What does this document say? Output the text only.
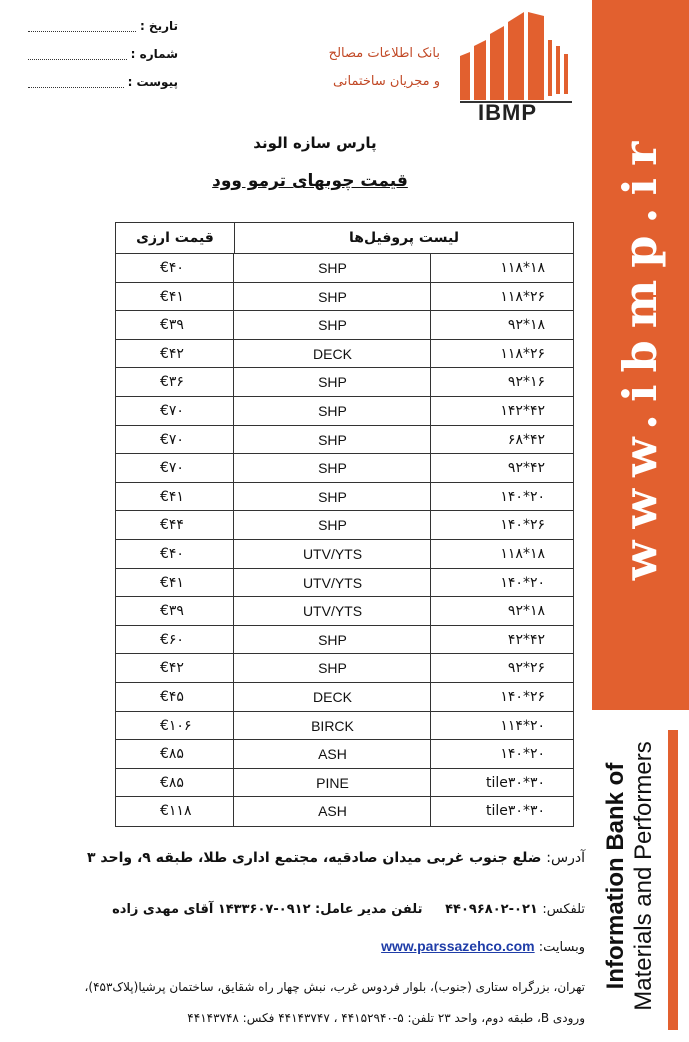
تاریخ :
شماره :
پیوست :
بانک اطلاعات مصالح
و مجریان ساختمانی
IBMP
www.ibmp.ir
Information Bank of Materials and Performers
پارس سازه الوند
قیمت چوبهای ترمو وود
قیمت ارزی	لیست پروفیل‌ها
€۴۰	SHP	۱۱۸*۱۸
€۴۱	SHP	۱۱۸*۲۶
€۳۹	SHP	۹۲*۱۸
€۴۲	DECK	۱۱۸*۲۶
€۳۶	SHP	۹۲*۱۶
€۷۰	SHP	۱۴۲*۴۲
€۷۰	SHP	۶۸*۴۲
€۷۰	SHP	۹۲*۴۲
€۴۱	SHP	۱۴۰*۲۰
€۴۴	SHP	۱۴۰*۲۶
€۴۰	UTV/YTS	۱۱۸*۱۸
€۴۱	UTV/YTS	۱۴۰*۲۰
€۳۹	UTV/YTS	۹۲*۱۸
€۶۰	SHP	۴۲*۴۲
€۴۲	SHP	۹۲*۲۶
€۴۵	DECK	۱۴۰*۲۶
€۱۰۶	BIRCK	۱۱۴*۲۰
€۸۵	ASH	۱۴۰*۲۰
€۸۵	PINE	tile۳۰*۳۰
€۱۱۸	ASH	tile۳۰*۳۰
آدرس: ضلع جنوب غربی میدان صادقیه، مجتمع اداری طلا، طبقه ۹، واحد ۳
تلفکس: ۰۲۱-۴۴۰۹۶۸۰۲     تلفن مدیر عامل: ۰۹۱۲-۱۴۳۳۶۰۷ آقای مهدی زاده
وبسایت: www.parssazehco.com
تهران، بزرگراه ستاری (جنوب)، بلوار فردوس غرب، نبش چهار راه شقایق، ساختمان پرشیا(پلاک۴۵۳)،
ورودی B، طبقه دوم، واحد ۲۳ تلفن: ۵-۴۴۱۵۲۹۴۰ ، ۴۴۱۴۳۷۴۷ فکس: ۴۴۱۴۳۷۴۸
